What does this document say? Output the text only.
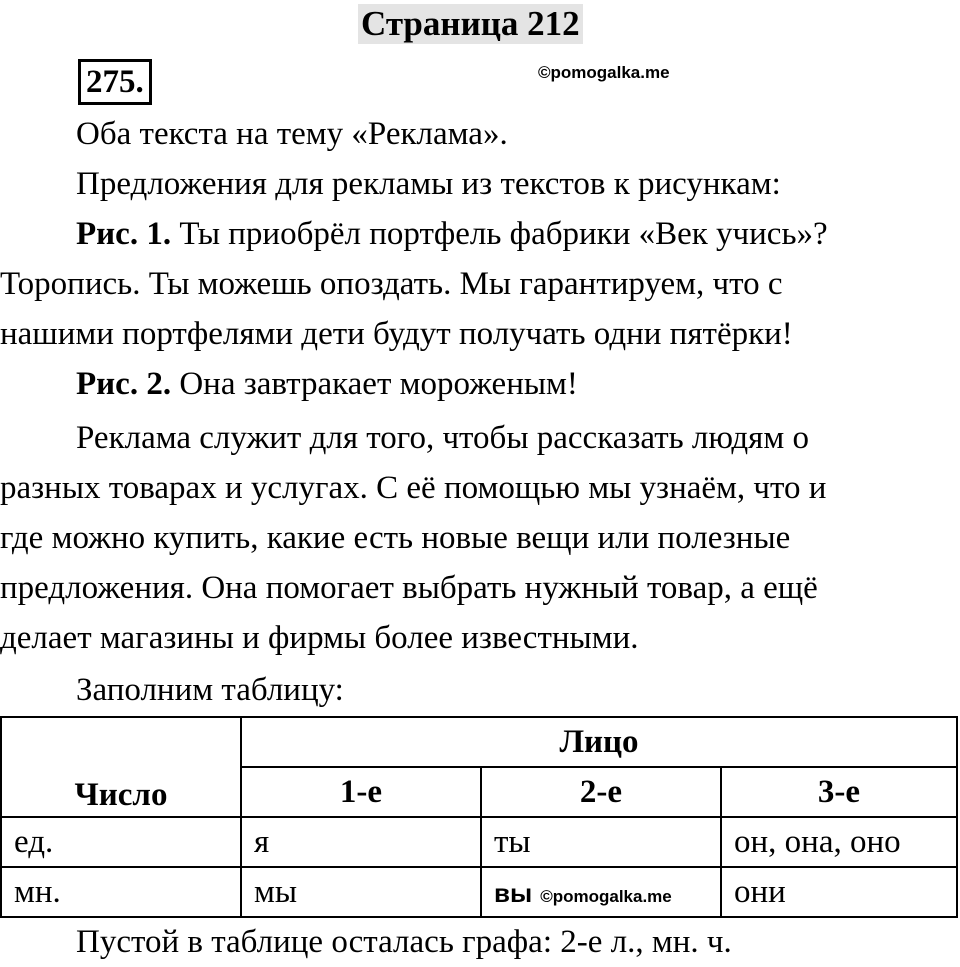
Страница 212
275.	©pomogalka.me
Оба текста на тему «Реклама».
Предложения для рекламы из текстов к рисункам:
Рис. 1. Ты приобрёл портфель фабрики «Век учись»?
Торопись. Ты можешь опоздать. Мы гарантируем, что с
нашими портфелями дети будут получать одни пятёрки!
Рис. 2. Она завтракает мороженым!
Реклама служит для того, чтобы рассказать людям о
разных товарах и услугах. С её помощью мы узнаём, что и
где можно купить, какие есть новые вещи или полезные
предложения. Она помогает выбрать нужный товар, а ещё
делает магазины и фирмы более известными.
Заполним таблицу:
Число	Лицо		
	1-е	2-е	3-е
ед.	я	ты	он, она, оно
мн.	мы	вы ©pomogalka.me	они
Пустой в таблице осталась графа: 2-е л., мн. ч.
